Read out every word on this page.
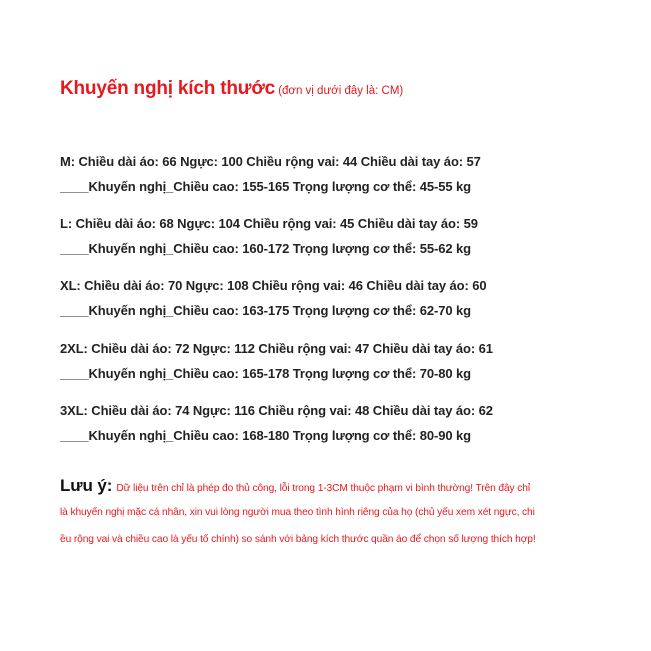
Khuyến nghị kích thước (đơn vị dưới đây là: CM)
M: Chiều dài áo: 66 Ngực: 100 Chiều rộng vai: 44 Chiều dài tay áo: 57
____Khuyến nghị_Chiều cao: 155-165 Trọng lượng cơ thể: 45-55 kg
L: Chiều dài áo: 68 Ngực: 104 Chiều rộng vai: 45 Chiều dài tay áo: 59
____Khuyến nghị_Chiều cao: 160-172 Trọng lượng cơ thể: 55-62 kg
XL: Chiều dài áo: 70 Ngực: 108 Chiều rộng vai: 46 Chiều dài tay áo: 60
____Khuyến nghị_Chiều cao: 163-175 Trọng lượng cơ thể: 62-70 kg
2XL: Chiều dài áo: 72 Ngực: 112 Chiều rộng vai: 47 Chiều dài tay áo: 61
____Khuyến nghị_Chiều cao: 165-178 Trọng lượng cơ thể: 70-80 kg
3XL: Chiều dài áo: 74 Ngực: 116 Chiều rộng vai: 48 Chiều dài tay áo: 62
____Khuyến nghị_Chiều cao: 168-180 Trọng lượng cơ thể: 80-90 kg
Lưu ý: Dữ liệu trên chỉ là phép đo thủ công, lỗi trong 1-3CM thuộc phạm vi bình thường! Trên đây chỉ
là khuyến nghị mặc cá nhân, xin vui lòng người mua theo tình hình riêng của họ (chủ yếu xem xét ngực, chi
ều rộng vai và chiều cao là yếu tố chính) so sánh với bảng kích thước quần áo để chọn số lượng thích hợp!
